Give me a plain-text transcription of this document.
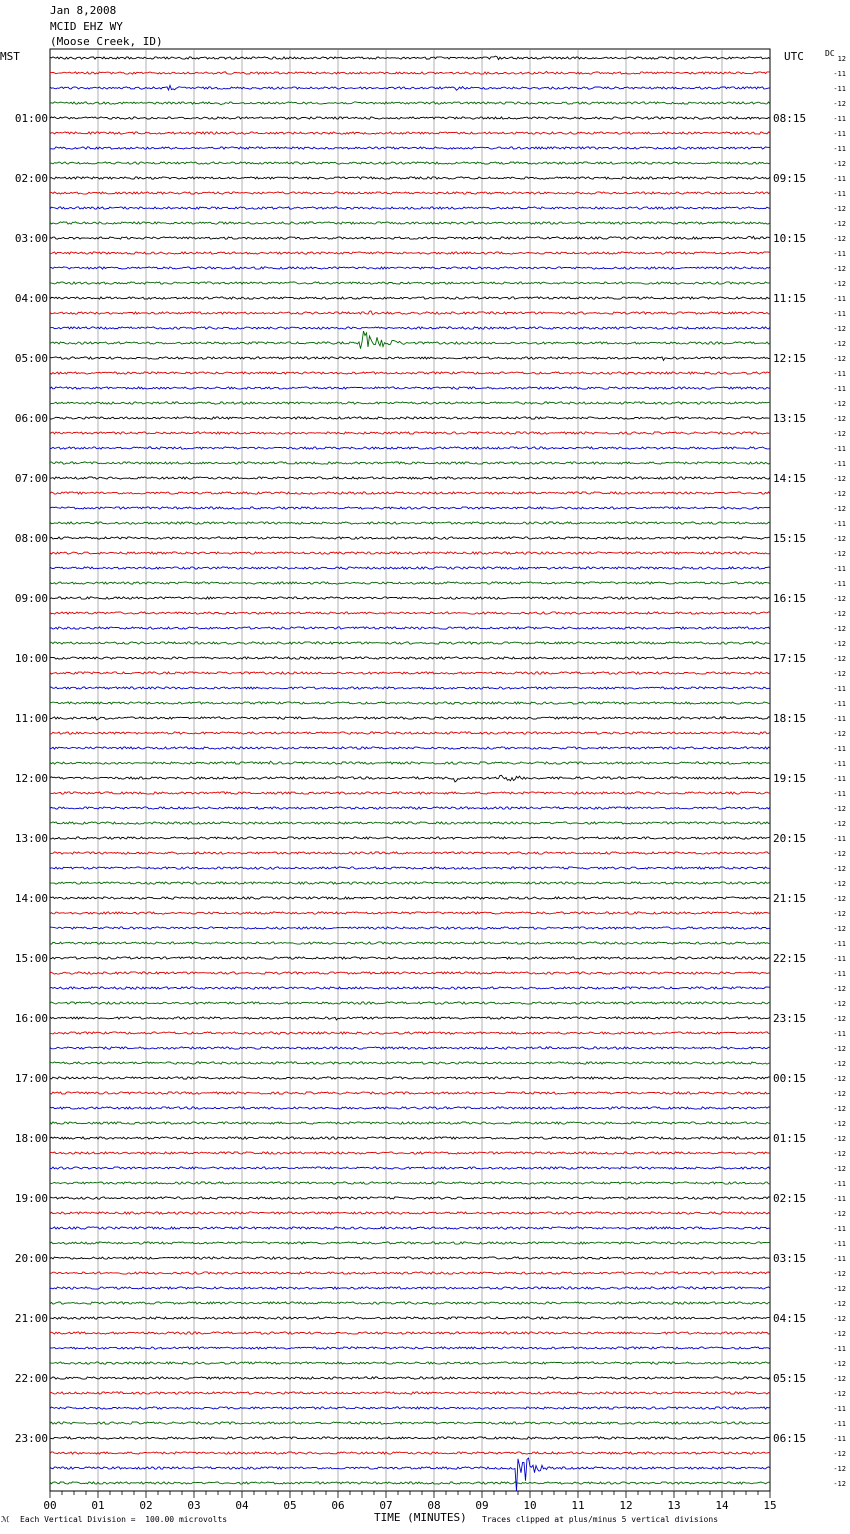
Jan 8,2008
MCID EHZ WY
(Moose Creek, ID)
MST	UTC	DC
01:00
02:00
03:00
04:00
05:00
06:00
07:00
08:00
09:00
10:00
11:00
12:00
13:00
14:00
15:00
16:00
17:00
18:00
19:00
20:00
21:00
22:00
23:00
08:15
09:15
10:15
11:15
12:15
13:15
14:15
15:15
16:15
17:15
18:15
19:15
20:15
21:15
22:15
23:15
00:15
01:15
02:15
03:15
04:15
05:15
06:15
12
-11
-11
-12
-11
-11
-11
-12
-11
-11
-12
-12
-12
-11
-12
-12
-11
-11
-12
-12
-12
-11
-11
-12
-12
-12
-11
-11
-12
-12
-12
-11
-12
-12
-11
-11
-12
-12
-12
-12
-12
-12
-11
-11
-11
-12
-11
-11
-11
-11
-12
-12
-11
-12
-12
-12
-12
-12
-12
-11
-11
-11
-12
-12
-12
-11
-12
-12
-12
-12
-12
-12
-12
-12
-12
-11
-11
-12
-11
-11
-11
-12
-12
-12
-12
-12
-11
-12
-12
-12
-11
-11
-11
-12
-12
-12
00	01	02	03	04	05	06	07	08	09	10	11	12	13	14	15
ℳ Each Vertical Division =  100.00 microvolts	TIME (MINUTES) Traces clipped at plus/minus 5 vertical divisions
